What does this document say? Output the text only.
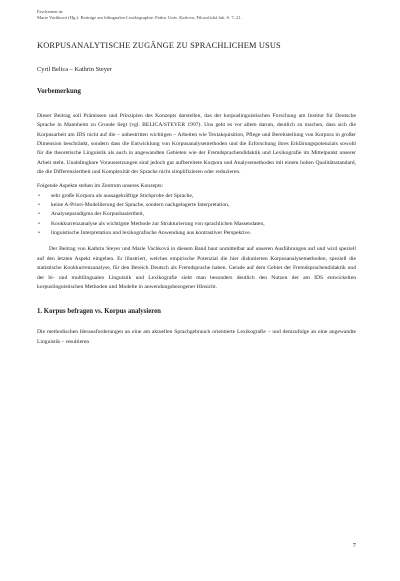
Erschienen in:
Marie Vachková (Hg.): Beiträge zur bilingualen Lexikographie. Praha: Univ. Karlova, Filozofická fak. S. 7–21.
KORPUSANALYTISCHE ZUGÄNGE ZU SPRACHLICHEM USUS
Cyril Belica – Kathrin Steyer
Vorbemerkung

Dieser Beitrag soll Prämissen und Prinzipien des Konzepts darstellen, das der korpuslinguistischen Forschung am Institut für Deutsche Sprache in Mannheim zu Grunde liegt (vgl. BELICA/STEYER 1997). Uns geht es vor allem darum, deutlich zu machen, dass sich die Korpusarbeit am IDS nicht auf die – unbestritten wichtigen – Arbeiten wie Textakquisition, Pflege und Bereitstellung von Korpora in großer Dimension beschränkt, sondern dass die Entwicklung von Korpusanalysemethoden und die Erforschung ihres Erklärungspotenzials sowohl für die theoretische Linguistik als auch in angewandten Gebieten wie der Fremdsprachendidaktik und Lexikografie im Mittelpunkt unserer Arbeit steht. Unabdingbare Voraussetzungen sind jedoch gut aufbereitete Korpora und Analysemethoden mit einem hohen Qualitätsstandard, die die Differenziertheit und Komplexität der Sprache nicht simplifizieren oder reduzieren.

Folgende Aspekte stehen im Zentrum unseres Konzepts:

• sehr große Korpora als aussagekräftige Stichprobe der Sprache,
• keine A-Priori-Modellierung der Sprache, sondern nachgelagerte Interpretation,
• Analyseparadigma der Korpusbasiertheit,
• Kookkurrenzanalyse als wichtigste Methode zur Strukturierung von sprachlichen Massendaten,
• linguistische Interpretation und lexikografische Anwendung aus kontrastiver Perspektive.

Der Beitrag von Kathrin Steyer und Marie Vachková in diesem Band baut unmittelbar auf unseren Ausführungen auf und wird speziell auf den letzten Aspekt eingehen. Er illustriert, welches empirische Potenzial die hier diskutierten Korpusanalysemethoden, speziell die statistische Kookkurrenzanalyse, für den Bereich Deutsch als Fremdsprache haben. Gerade auf dem Gebiet der Fremdsprachendidaktik und der bi- und multilingualen Linguistik und Lexikografie sieht man besonders deutlich den Nutzen der am IDS entwickelten korpuslinguistischen Methoden und Modelle in anwendungsbezogener Hinsicht.

1. Korpus befragen vs. Korpus analysieren

Die methodischen Herausforderungen an eine am aktuellen Sprachgebrauch orientierte Lexikografie – und demzufolge an eine angewandte Linguistik – resultieren

7
